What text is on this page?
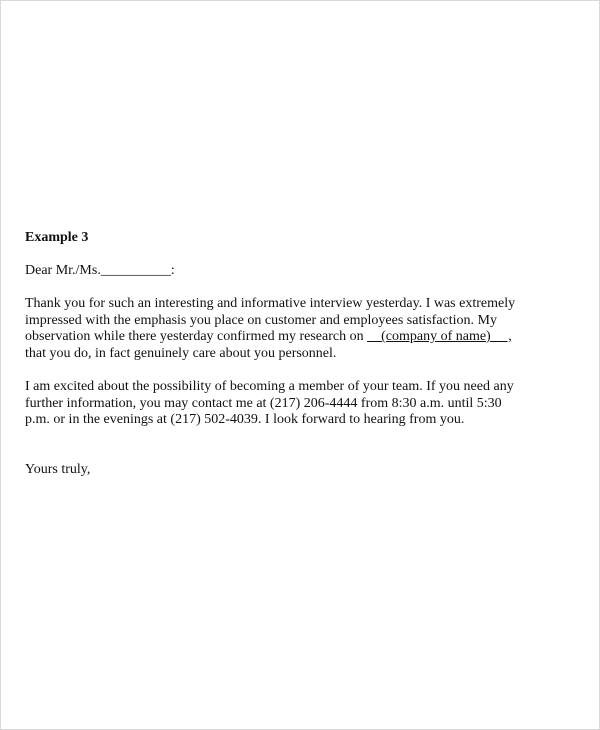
Example 3
Dear Mr./Ms.__________:
Thank you for such an interesting and informative interview yesterday. I was extremely
impressed with the emphasis you place on customer and employees satisfaction. My
observation while there yesterday confirmed my research on     (company of name)     ,
that you do, in fact genuinely care about you personnel.
I am excited about the possibility of becoming a member of your team. If you need any
further information, you may contact me at (217) 206-4444 from 8:30 a.m. until 5:30
p.m. or in the evenings at (217) 502-4039. I look forward to hearing from you.
Yours truly,
